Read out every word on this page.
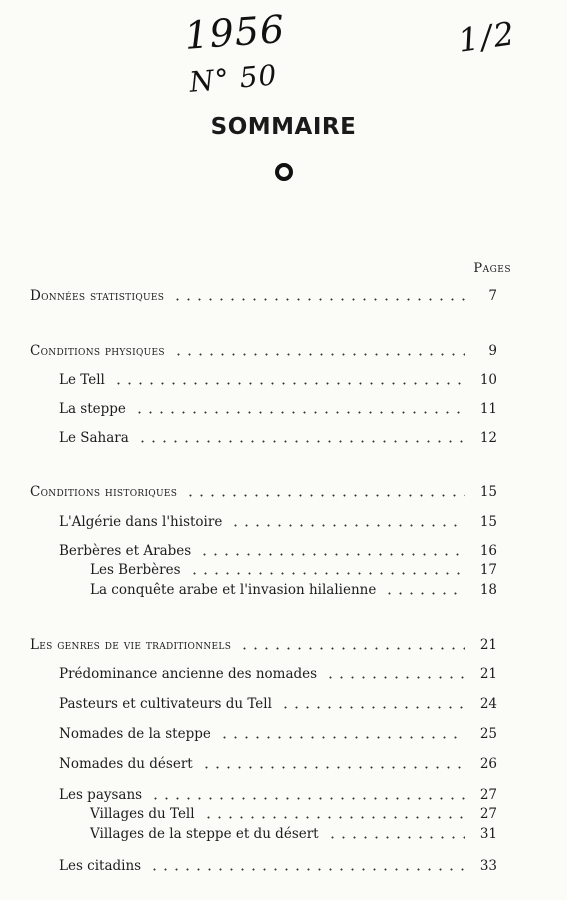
1956
N° 50
1/2
SOMMAIRE
Pages
Données statistiques	7
Conditions physiques	9
Le Tell	10
La steppe	11
Le Sahara	12
Conditions historiques	15
L'Algérie dans l'histoire	15
Berbères et Arabes	16
Les Berbères	17
La conquête arabe et l'invasion hilalienne	18
Les genres de vie traditionnels	21
Prédominance ancienne des nomades	21
Pasteurs et cultivateurs du Tell	24
Nomades de la steppe	25
Nomades du désert	26
Les paysans	27
Villages du Tell	27
Villages de la steppe et du désert	31
Les citadins	33
